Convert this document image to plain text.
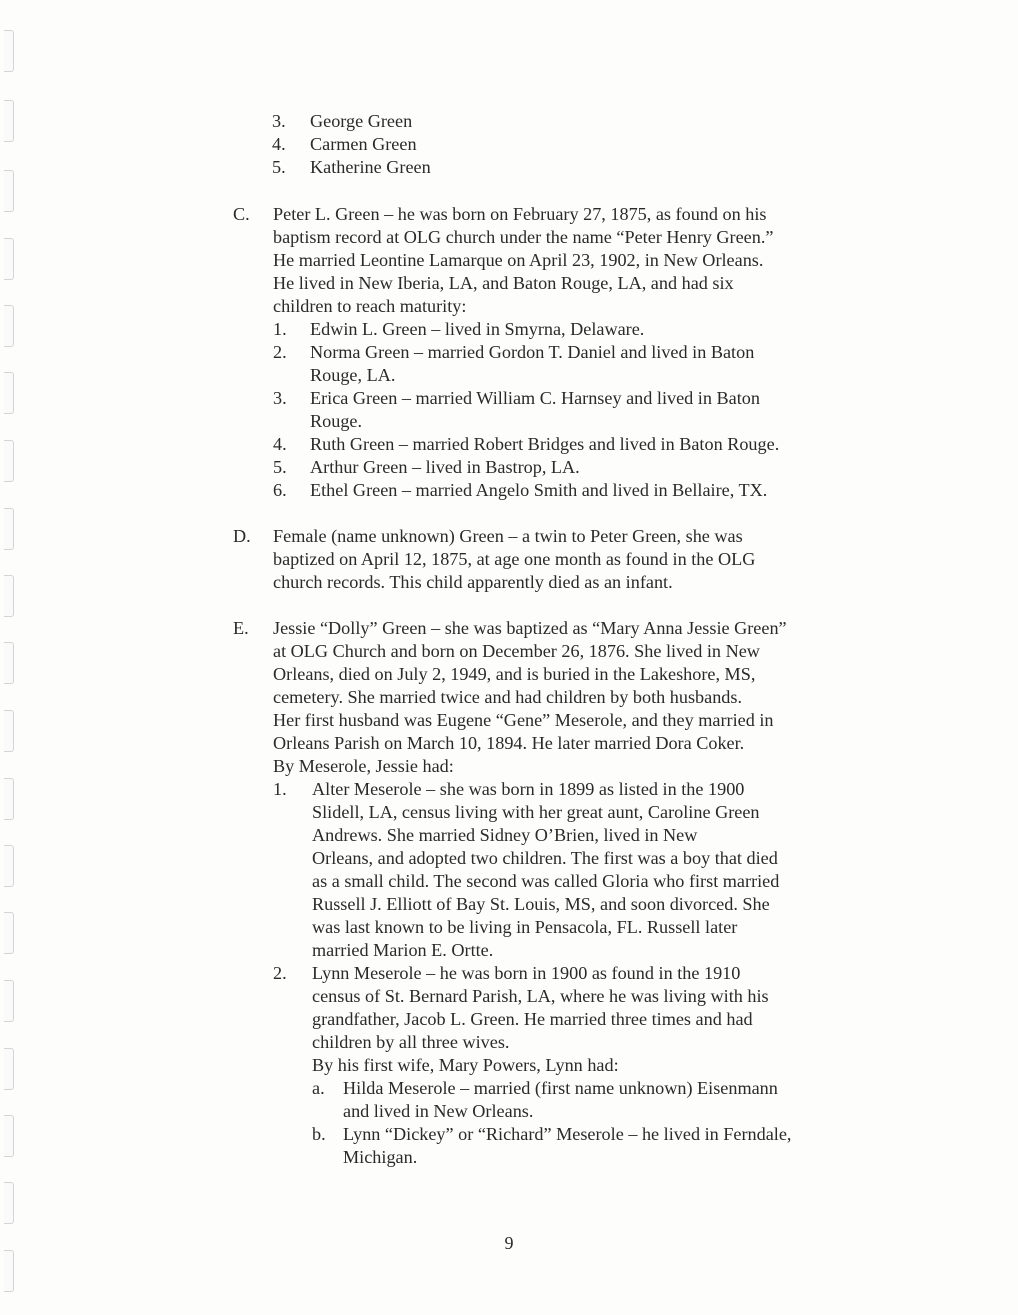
3. George Green
4. Carmen Green
5. Katherine Green
C. Peter L. Green – he was born on February 27, 1875, as found on his
baptism record at OLG church under the name “Peter Henry Green.”
He married Leontine Lamarque on April 23, 1902, in New Orleans.
He lived in New Iberia, LA, and Baton Rouge, LA, and had six
children to reach maturity:
1. Edwin L. Green – lived in Smyrna, Delaware.
2. Norma Green – married Gordon T. Daniel and lived in Baton
Rouge, LA.
3. Erica Green – married William C. Harnsey and lived in Baton
Rouge.
4. Ruth Green – married Robert Bridges and lived in Baton Rouge.
5. Arthur Green – lived in Bastrop, LA.
6. Ethel Green – married Angelo Smith and lived in Bellaire, TX.
D. Female (name unknown) Green – a twin to Peter Green, she was
baptized on April 12, 1875, at age one month as found in the OLG
church records. This child apparently died as an infant.
E. Jessie “Dolly” Green – she was baptized as “Mary Anna Jessie Green”
at OLG Church and born on December 26, 1876. She lived in New
Orleans, died on July 2, 1949, and is buried in the Lakeshore, MS,
cemetery. She married twice and had children by both husbands.
Her first husband was Eugene “Gene” Meserole, and they married in
Orleans Parish on March 10, 1894. He later married Dora Coker.
By Meserole, Jessie had:
1. Alter Meserole – she was born in 1899 as listed in the 1900
Slidell, LA, census living with her great aunt, Caroline Green
Andrews. She married Sidney O’Brien, lived in New
Orleans, and adopted two children. The first was a boy that died
as a small child. The second was called Gloria who first married
Russell J. Elliott of Bay St. Louis, MS, and soon divorced. She
was last known to be living in Pensacola, FL. Russell later
married Marion E. Ortte.
2. Lynn Meserole – he was born in 1900 as found in the 1910
census of St. Bernard Parish, LA, where he was living with his
grandfather, Jacob L. Green. He married three times and had
children by all three wives.
By his first wife, Mary Powers, Lynn had:
a. Hilda Meserole – married (first name unknown) Eisenmann
and lived in New Orleans.
b. Lynn “Dickey” or “Richard” Meserole – he lived in Ferndale,
Michigan.
9
